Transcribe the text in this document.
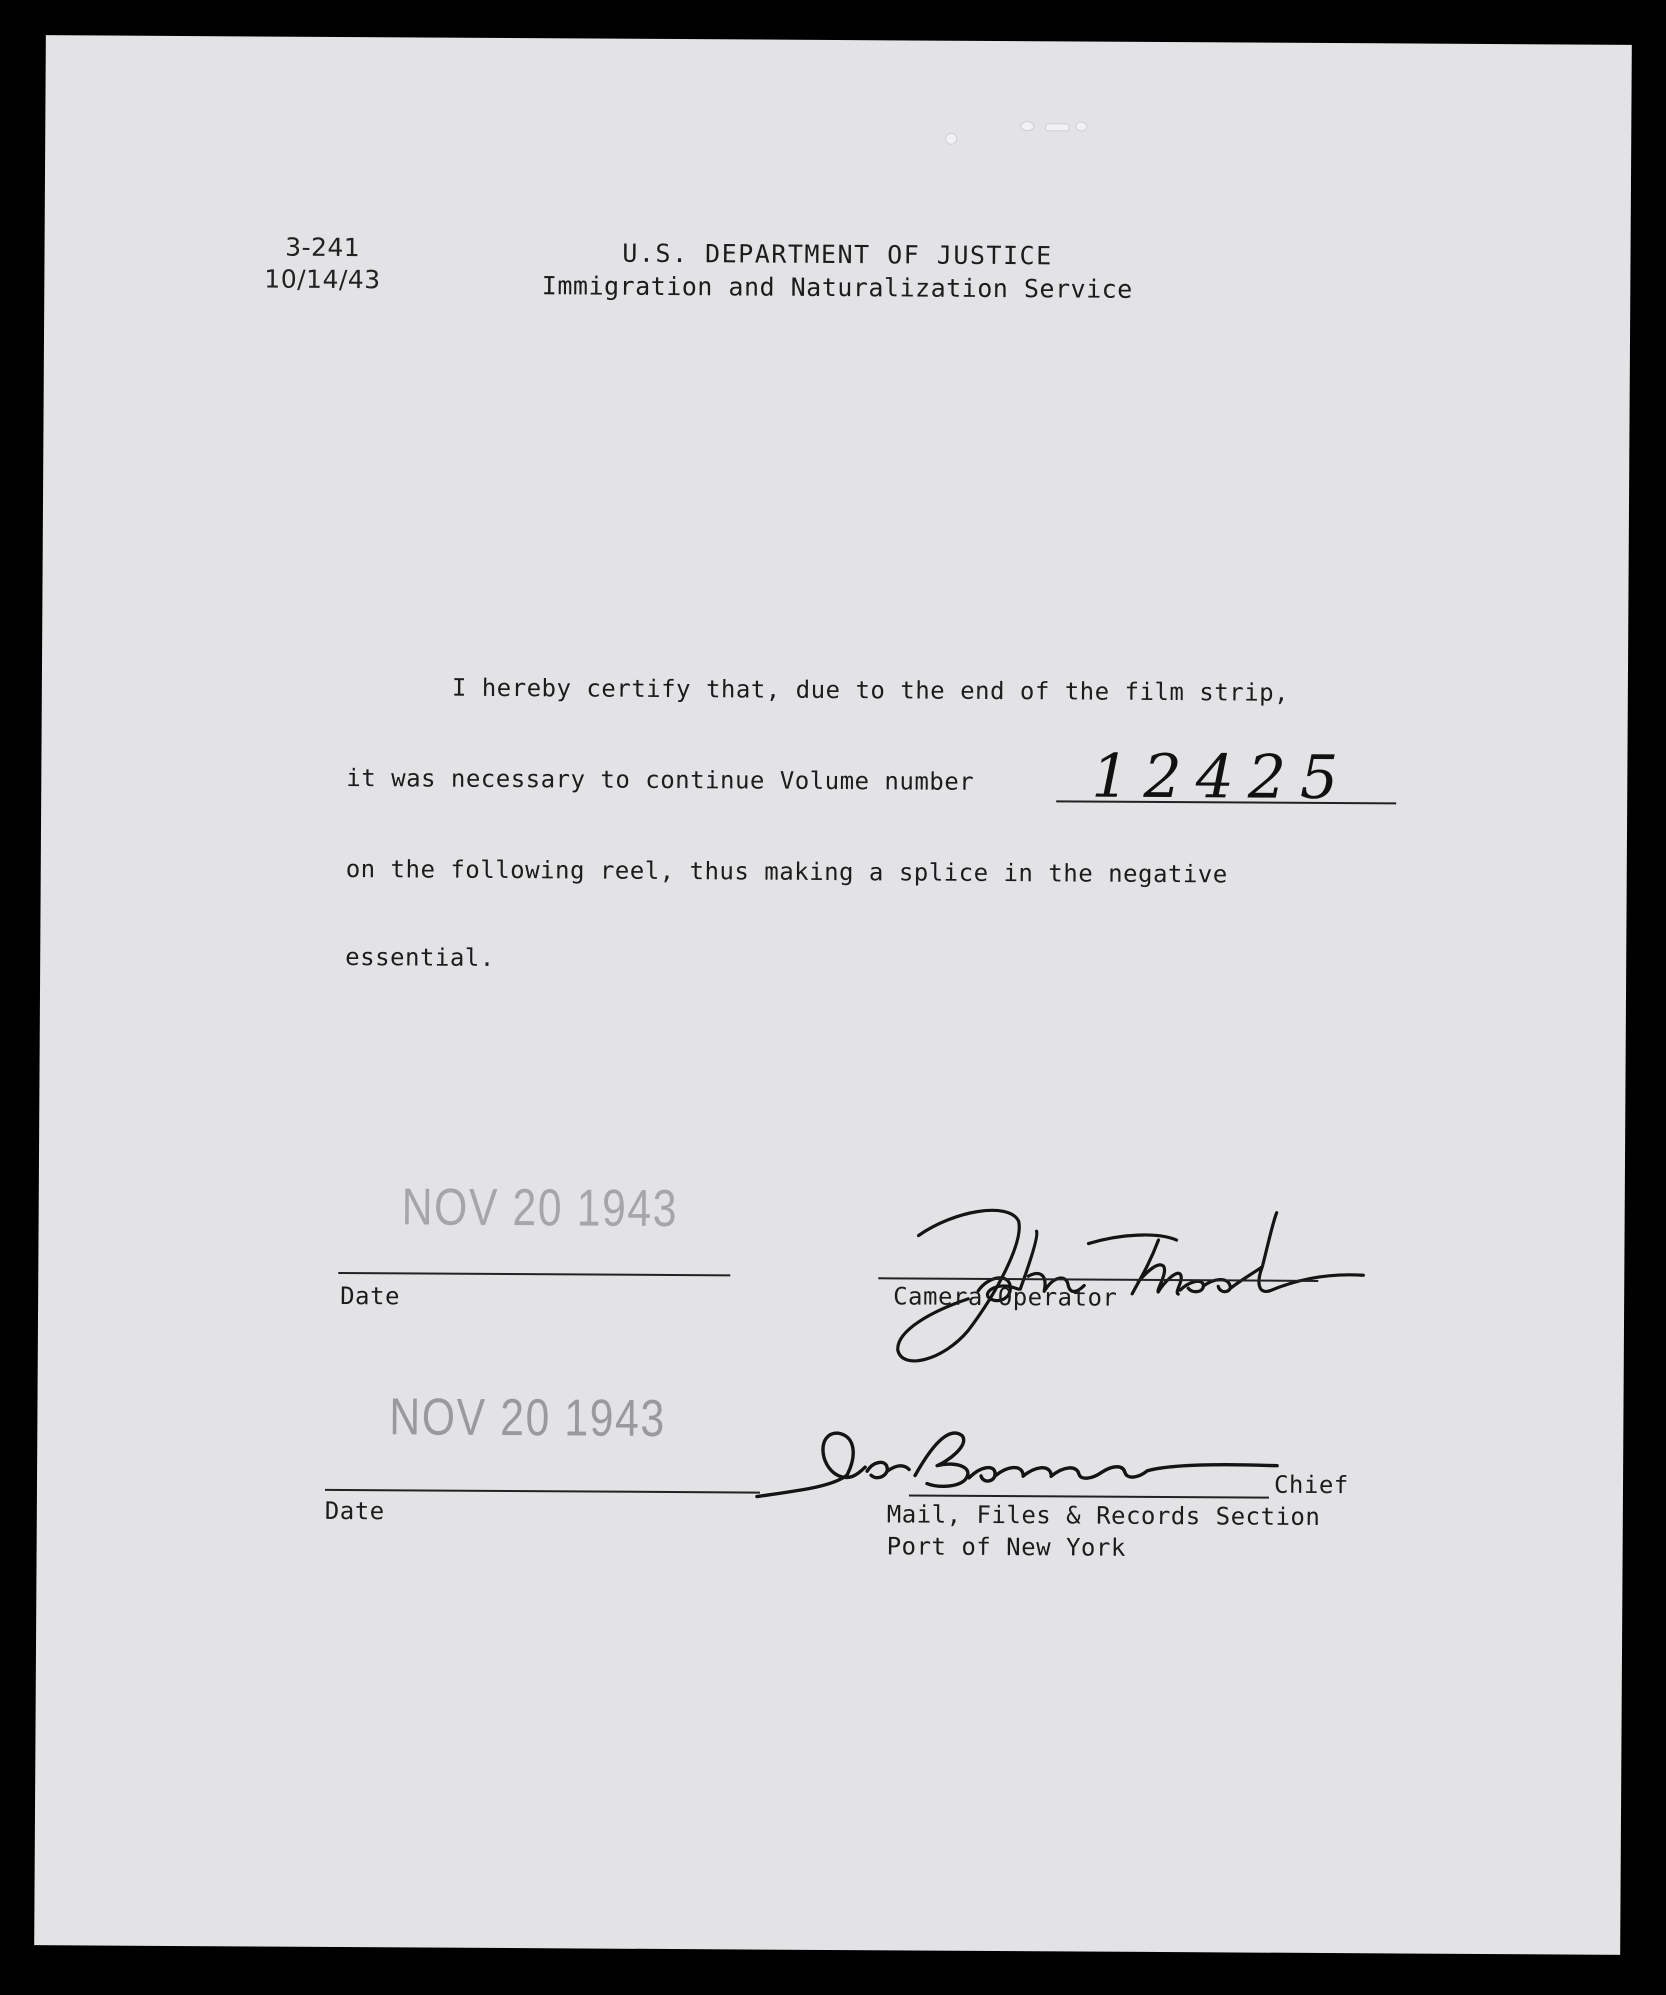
3-241
10/14/43
U.S. DEPARTMENT OF JUSTICE
Immigration and Naturalization Service
I hereby certify that, due to the end of the film strip,
it was necessary to continue Volume number 12425
on the following reel, thus making a splice in the negative
essential.
NOV 20 1943
Date	Camera Operator
NOV 20 1943
Date
Chief
Mail, Files & Records Section
Port of New York
